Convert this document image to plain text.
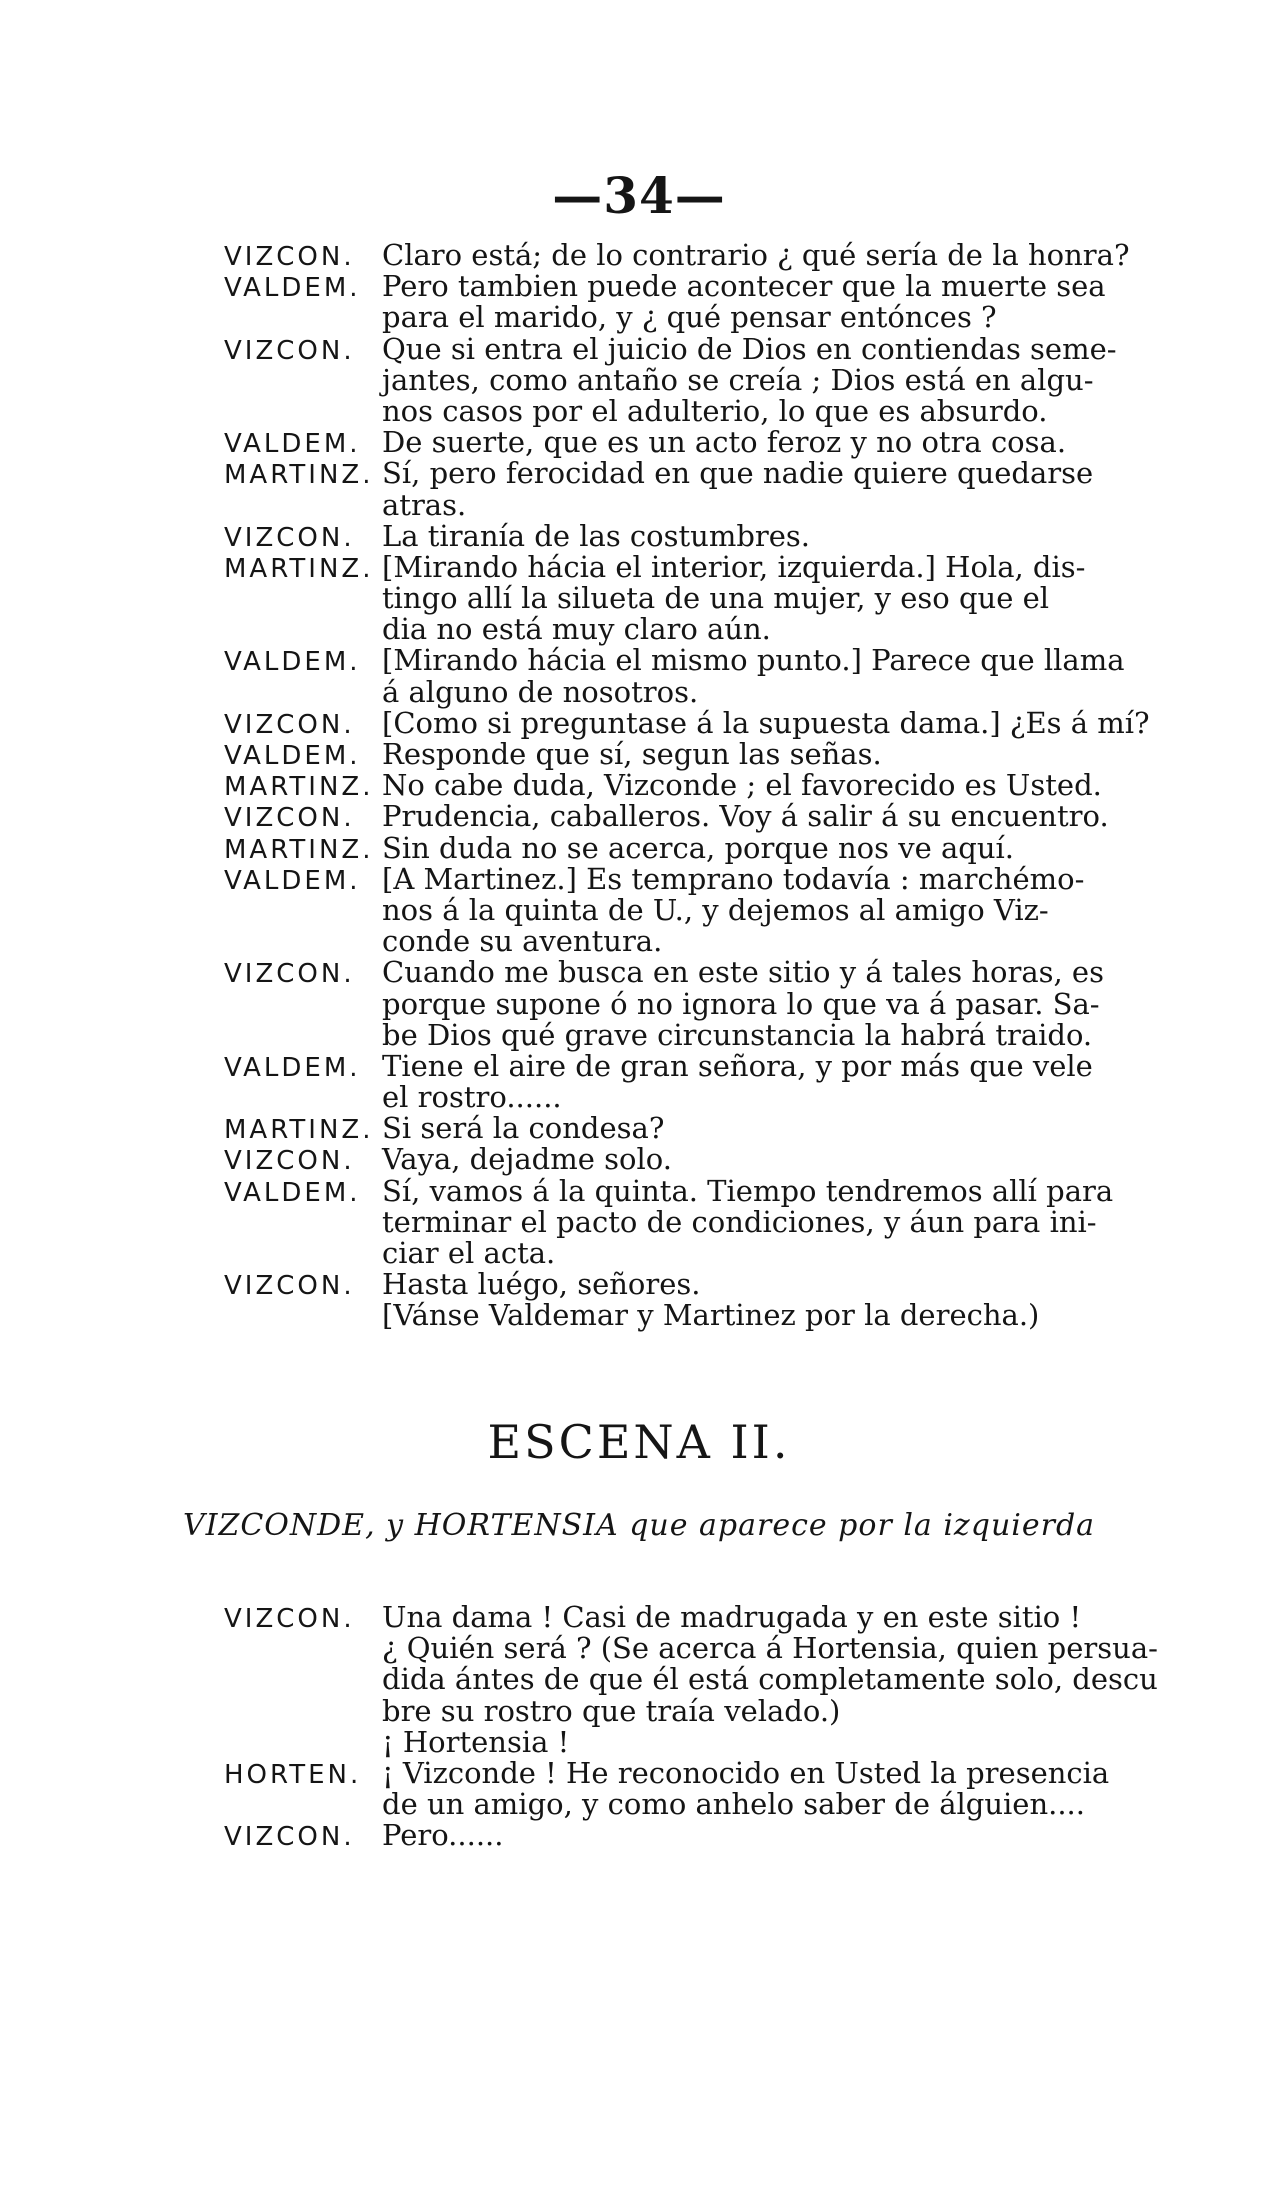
—34—
VIZCON. Claro está; de lo contrario ¿ qué sería de la honra?
VALDEM. Pero tambien puede acontecer que la muerte sea
para el marido, y ¿ qué pensar entónces ?
VIZCON. Que si entra el juicio de Dios en contiendas seme-
jantes, como antaño se creía ; Dios está en algu-
nos casos por el adulterio, lo que es absurdo.
VALDEM. De suerte, que es un acto feroz y no otra cosa.
MARTINZ. Sí, pero ferocidad en que nadie quiere quedarse
atras.
VIZCON. La tiranía de las costumbres.
MARTINZ. [Mirando hácia el interior, izquierda.] Hola, dis-
tingo allí la silueta de una mujer, y eso que el
dia no está muy claro aún.
VALDEM. [Mirando hácia el mismo punto.] Parece que llama
á alguno de nosotros.
VIZCON. [Como si preguntase á la supuesta dama.] ¿Es á mí?
VALDEM. Responde que sí, segun las señas.
MARTINZ. No cabe duda, Vizconde ; el favorecido es Usted.
VIZCON. Prudencia, caballeros. Voy á salir á su encuentro.
MARTINZ. Sin duda no se acerca, porque nos ve aquí.
VALDEM. [A Martinez.] Es temprano todavía : marchémo-
nos á la quinta de U., y dejemos al amigo Viz-
conde su aventura.
VIZCON. Cuando me busca en este sitio y á tales horas, es
porque supone ó no ignora lo que va á pasar. Sa-
be Dios qué grave circunstancia la habrá traido.
VALDEM. Tiene el aire de gran señora, y por más que vele
el rostro......
MARTINZ. Si será la condesa?
VIZCON. Vaya, dejadme solo.
VALDEM. Sí, vamos á la quinta. Tiempo tendremos allí para
terminar el pacto de condiciones, y áun para ini-
ciar el acta.
VIZCON. Hasta luégo, señores.
[Vánse Valdemar y Martinez por la derecha.)
ESCENA II.
VIZCONDE, y HORTENSIA que aparece por la izquierda
VIZCON. Una dama ! Casi de madrugada y en este sitio !
¿ Quién será ? (Se acerca á Hortensia, quien persua-
dida ántes de que él está completamente solo, descu
bre su rostro que traía velado.)
¡ Hortensia !
HORTEN. ¡ Vizconde ! He reconocido en Usted la presencia
de un amigo, y como anhelo saber de álguien....
VIZCON. Pero......
